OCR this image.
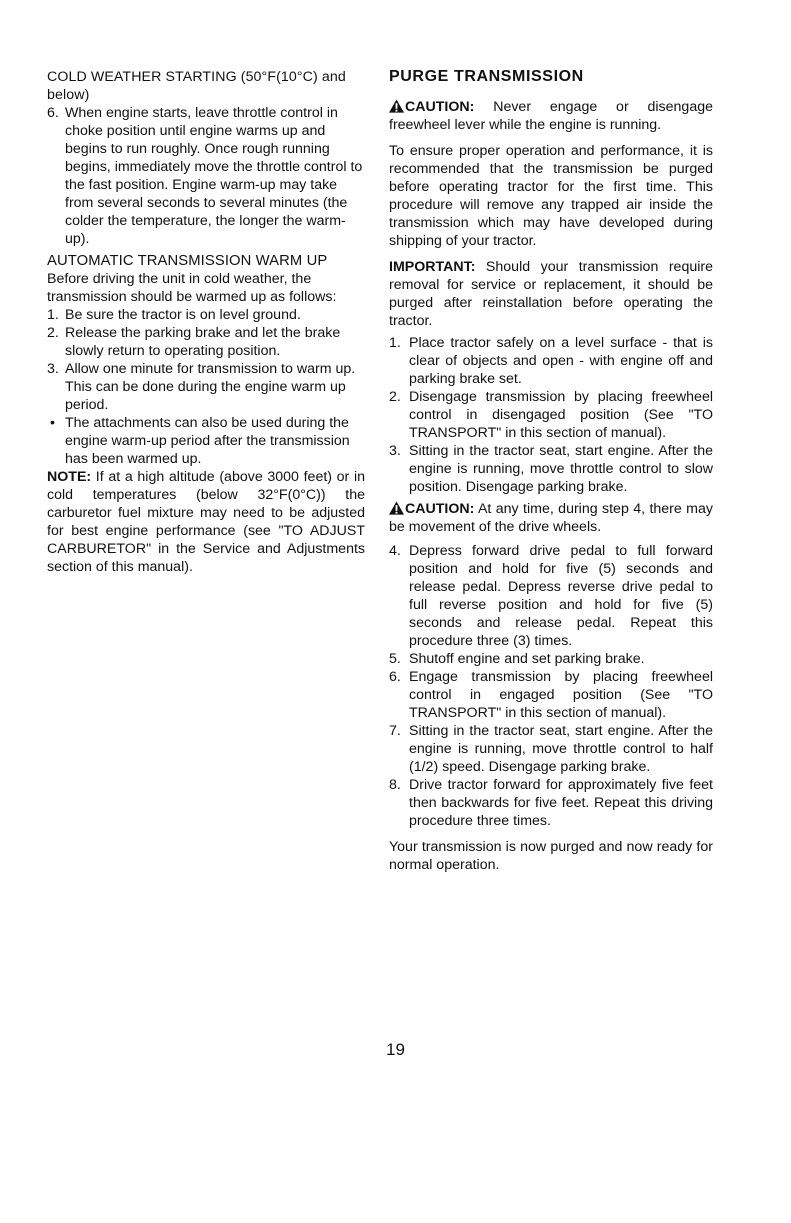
COLD WEATHER STARTING (50°F(10°C) and below)

6. When engine starts, leave throttle control in choke position until engine warms up and begins to run roughly. Once rough running begins, immediately move the throttle control to the fast position. Engine warm-up may take from several seconds to several minutes (the colder the temperature, the longer the warm-up).

AUTOMATIC TRANSMISSION WARM UP

Before driving the unit in cold weather, the transmission should be warmed up as follows:

1. Be sure the tractor is on level ground.
2. Release the parking brake and let the brake slowly return to operating position.
3. Allow one minute for transmission to warm up. This can be done during the engine warm up period.
• The attachments can also be used during the engine warm-up period after the transmission has been warmed up.

NOTE: If at a high altitude (above 3000 feet) or in cold temperatures (below 32°F(0°C)) the carburetor fuel mixture may need to be adjusted for best engine performance (see "TO ADJUST CARBURETOR" in the Service and Adjustments section of this manual).

PURGE TRANSMISSION

CAUTION: Never engage or disengage freewheel lever while the engine is running.

To ensure proper operation and performance, it is recommended that the transmission be purged before operating tractor for the first time. This procedure will remove any trapped air inside the transmission which may have developed during shipping of your tractor.

IMPORTANT: Should your transmission require removal for service or replacement, it should be purged after reinstallation before operating the tractor.

1. Place tractor safely on a level surface - that is clear of objects and open - with engine off and parking brake set.
2. Disengage transmission by placing freewheel control in disengaged position (See "TO TRANSPORT" in this section of manual).
3. Sitting in the tractor seat, start engine. After the engine is running, move throttle control to slow position. Disengage parking brake.

CAUTION: At any time, during step 4, there may be movement of the drive wheels.

4. Depress forward drive pedal to full forward position and hold for five (5) seconds and release pedal. Depress reverse drive pedal to full reverse position and hold for five (5) seconds and release pedal. Repeat this procedure three (3) times.
5. Shutoff engine and set parking brake.
6. Engage transmission by placing freewheel control in engaged position (See "TO TRANSPORT" in this section of manual).
7. Sitting in the tractor seat, start engine. After the engine is running, move throttle control to half (1/2) speed. Disengage parking brake.
8. Drive tractor forward for approximately five feet then backwards for five feet. Repeat this driving procedure three times.

Your transmission is now purged and now ready for normal operation.

19
